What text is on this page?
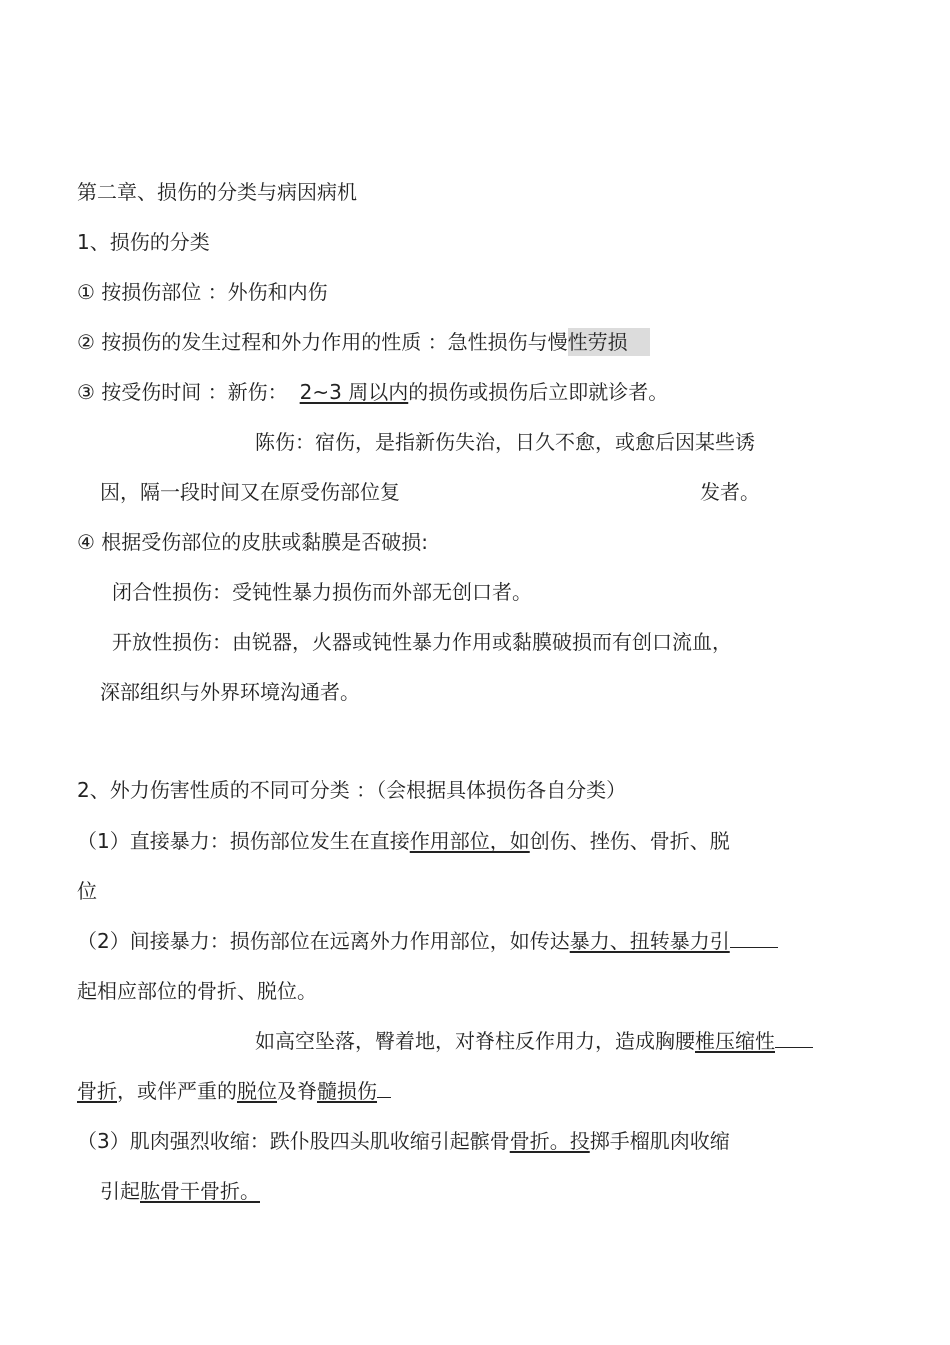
第二章、损伤的分类与病因病机
1、损伤的分类
① 按损伤部位 ：外伤和内伤
② 按损伤的发生过程和外力作用的性质 ：急性损伤与慢性劳损
③ 按受伤时间 ：新伤： 2~3 周以内的损伤或损伤后立即就诊者。
陈伤：宿伤，是指新伤失治，日久不愈，或愈后因某些诱
因，隔一段时间又在原受伤部位复	发者。
④ 根据受伤部位的皮肤或黏膜是否破损:
闭合性损伤：受钝性暴力损伤而外部无创口者。
开放性损伤：由锐器，火器或钝性暴力作用或黏膜破损而有创口流血，
深部组织与外界环境沟通者。
2、外力伤害性质的不同可分类 ：（会根据具体损伤各自分类）
（1）直接暴力：损伤部位发生在直接作用部位，如创伤、挫伤、骨折、脱
位
（2）间接暴力：损伤部位在远离外力作用部位，如传达暴力、扭转暴力引
起相应部位的骨折、脱位。
如高空坠落，臀着地，对脊柱反作用力，造成胸腰椎压缩性
骨折，或伴严重的脱位及脊髓损伤
（3）肌肉强烈收缩：跌仆股四头肌收缩引起髌骨骨折。投掷手榴肌肉收缩
引起肱骨干骨折。
